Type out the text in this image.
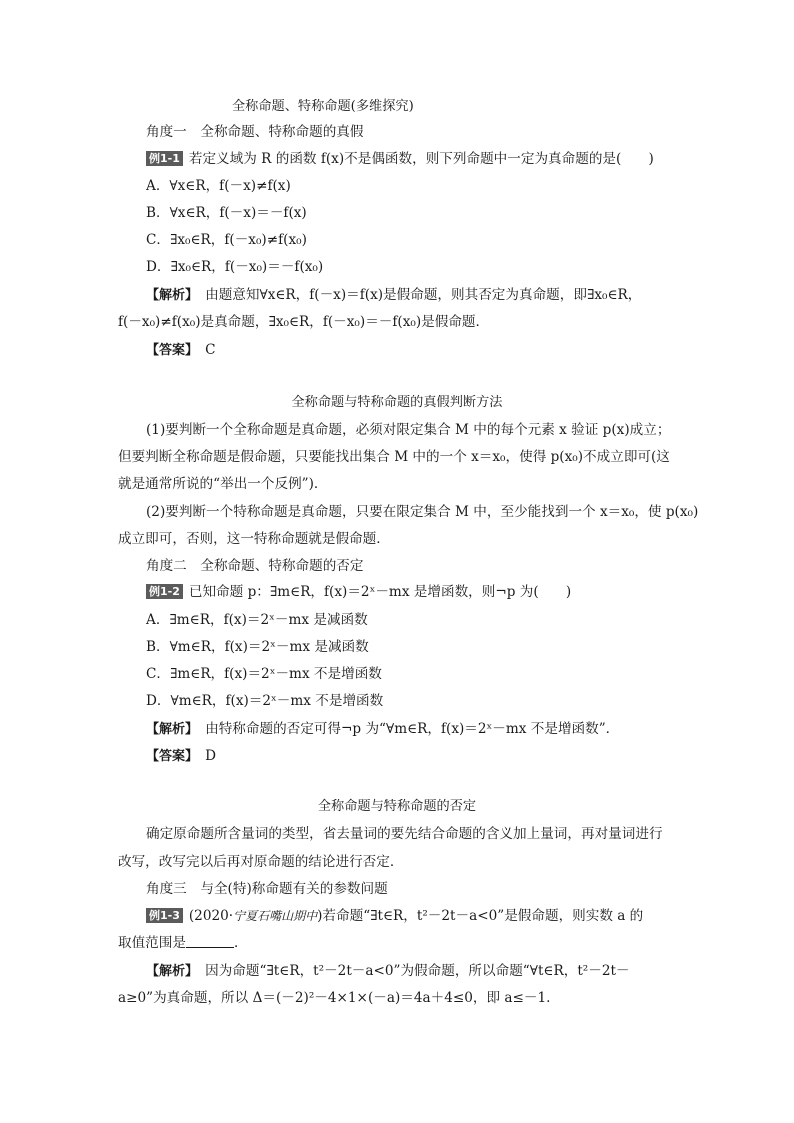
全称命题、特称命题(多维探究)
角度一　全称命题、特称命题的真假
例1-1 若定义域为 R 的函数 f(x)不是偶函数，则下列命题中一定为真命题的是(　　)
A．∀x∈R，f(－x)≠f(x)
B．∀x∈R，f(－x)＝－f(x)
C．∃x₀∈R，f(－x₀)≠f(x₀)
D．∃x₀∈R，f(－x₀)＝－f(x₀)
【解析】　由题意知∀x∈R，f(－x)＝f(x)是假命题，则其否定为真命题，即∃x₀∈R，
f(－x₀)≠f(x₀)是真命题，∃x₀∈R，f(－x₀)＝－f(x₀)是假命题．
【答案】　C
全称命题与特称命题的真假判断方法
(1)要判断一个全称命题是真命题，必须对限定集合 M 中的每个元素 x 验证 p(x)成立；
但要判断全称命题是假命题，只要能找出集合 M 中的一个 x＝x₀，使得 p(x₀)不成立即可(这
就是通常所说的“举出一个反例”)．
(2)要判断一个特称命题是真命题，只要在限定集合 M 中，至少能找到一个 x＝x₀，使 p(x₀)
成立即可，否则，这一特称命题就是假命题．
角度二　全称命题、特称命题的否定
例1-2 已知命题 p：∃m∈R，f(x)＝2ˣ－mx 是增函数，则¬p 为(　　)
A．∃m∈R，f(x)＝2ˣ－mx 是减函数
B．∀m∈R，f(x)＝2ˣ－mx 是减函数
C．∃m∈R，f(x)＝2ˣ－mx 不是增函数
D．∀m∈R，f(x)＝2ˣ－mx 不是增函数
【解析】　由特称命题的否定可得¬p 为“∀m∈R，f(x)＝2ˣ－mx 不是增函数”．
【答案】　D
全称命题与特称命题的否定
确定原命题所含量词的类型，省去量词的要先结合命题的含义加上量词，再对量词进行
改写，改写完以后再对原命题的结论进行否定．
角度三　与全(特)称命题有关的参数问题
例1-3 (2020·宁夏石嘴山期中)若命题“∃t∈R，t²－2t－a<0”是假命题，则实数 a 的
取值范围是	．
【解析】　因为命题“∃t∈R，t²－2t－a<0”为假命题，所以命题“∀t∈R，t²－2t－
a≥0”为真命题，所以 Δ＝(－2)²－4×1×(－a)＝4a＋4≤0，即 a≤－1.
